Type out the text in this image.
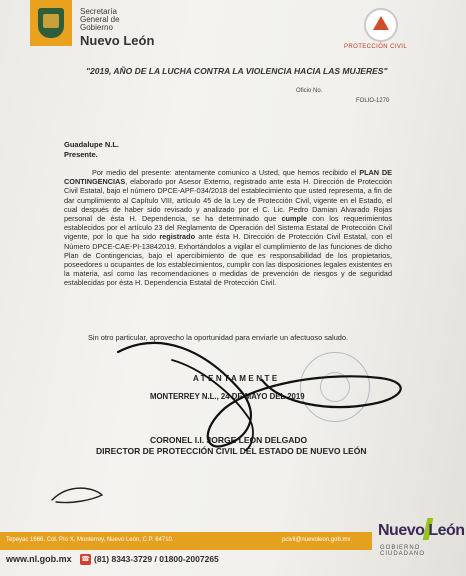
Secretaría
General de
Gobierno
Nuevo León	PROTECCIÓN CIVIL
"2019, AÑO DE LA LUCHA CONTRA LA VIOLENCIA HACIA LAS MUJERES"
Oficio No.
FOLIO-1270
Guadalupe N.L.
Presente.
Por medio del presente: atentamente comunico a Usted, que hemos recibido el PLAN DE CONTINGENCIAS, elaborado por Asesor Externo, registrado ante esta H. Dirección de Protección Civil Estatal, bajo el número DPCE-APF-034/2018 del establecimiento que usted representa, a fin de dar cumplimiento al Capítulo VIII, artículo 45 de la Ley de Protección Civil, vigente en el Estado, el cual después de haber sido revisado y analizado por el C. Lic. Pedro Damian Alvarado Rojas personal de ésta H. Dependencia, se ha determinado que cumple con los requerimientos establecidos por el artículo 23 del Reglamento de Operación del Sistema Estatal de Protección Civil vigente, por lo que ha sido registrado ante ésta H. Dirección de Protección Civil Estatal, con el Número DPCE-CAE-PI-13842019. Exhortándolos a vigilar el cumplimiento de las funciones de dicho Plan de Contingencias, bajo el apercibimiento de que es responsabilidad de los propietarios, poseedores u ocupantes de los establecimientos, cumplir con las disposiciones legales existentes en la materia, así como las recomendaciones o medidas de prevención de riesgos y de seguridad establecidas por ésta H. Dependencia Estatal de Protección Civil.
Sin otro particular, aprovecho la oportunidad para enviarle un afectuoso saludo.
ATENTAMENTE
MONTERREY N.L., 24 DE MAYO DEL 2019
CORONEL I.I. JORGE LEON DELGADO
DIRECTOR DE PROTECCIÓN CIVIL DEL ESTADO DE NUEVO LEÓN
Tepeyac 1666, Col. Pío X, Monterrey, Nuevo León, C.P. 64710.	pcivil@nuevoleon.gob.mx
www.nl.gob.mx ☎ (81) 8343-3729 / 01800-2007265
Nuevo León
GOBIERNO CIUDADANO
